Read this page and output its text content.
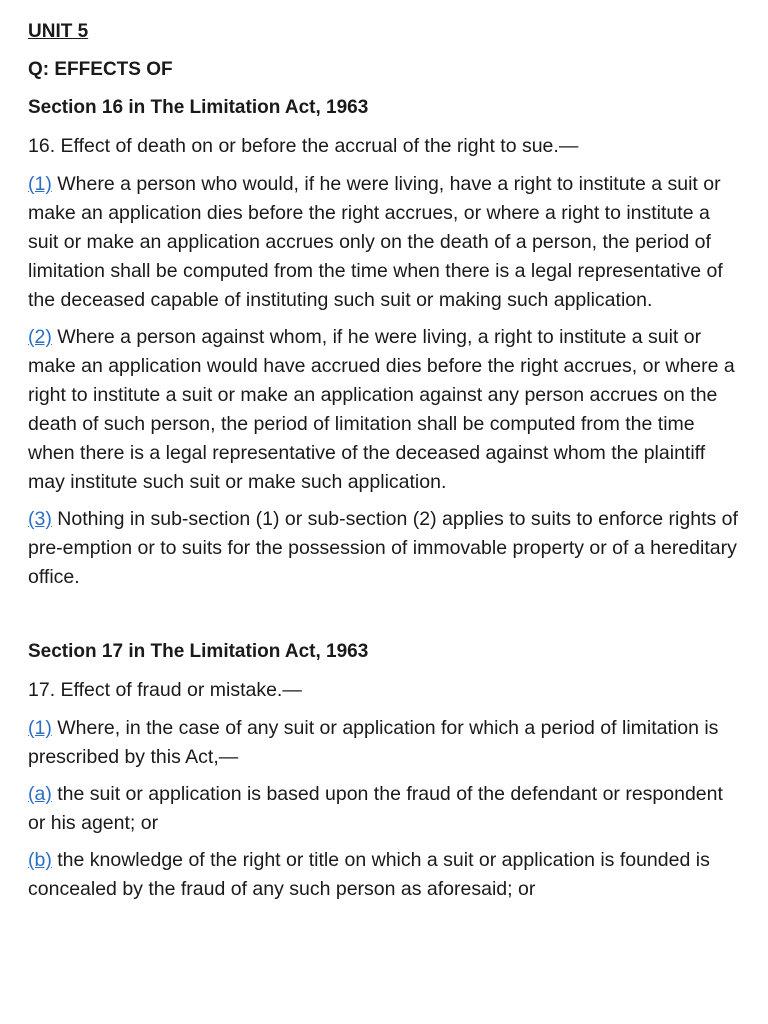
UNIT 5
Q: EFFECTS OF
Section 16 in The Limitation Act, 1963
16. Effect of death on or before the accrual of the right to sue.—

(1) Where a person who would, if he were living, have a right to institute a suit or make an application dies before the right accrues, or where a right to institute a suit or make an application accrues only on the death of a person, the period of limitation shall be computed from the time when there is a legal representative of the deceased capable of instituting such suit or making such application.

(2) Where a person against whom, if he were living, a right to institute a suit or make an application would have accrued dies before the right accrues, or where a right to institute a suit or make an application against any person accrues on the death of such person, the period of limitation shall be computed from the time when there is a legal representative of the deceased against whom the plaintiff may institute such suit or make such application.

(3) Nothing in sub-section (1) or sub-section (2) applies to suits to enforce rights of pre-emption or to suits for the possession of immovable property or of a hereditary office.

Section 17 in The Limitation Act, 1963
17. Effect of fraud or mistake.—

(1) Where, in the case of any suit or application for which a period of limitation is prescribed by this Act,—

(a) the suit or application is based upon the fraud of the defendant or respondent or his agent; or

(b) the knowledge of the right or title on which a suit or application is founded is concealed by the fraud of any such person as aforesaid; or
